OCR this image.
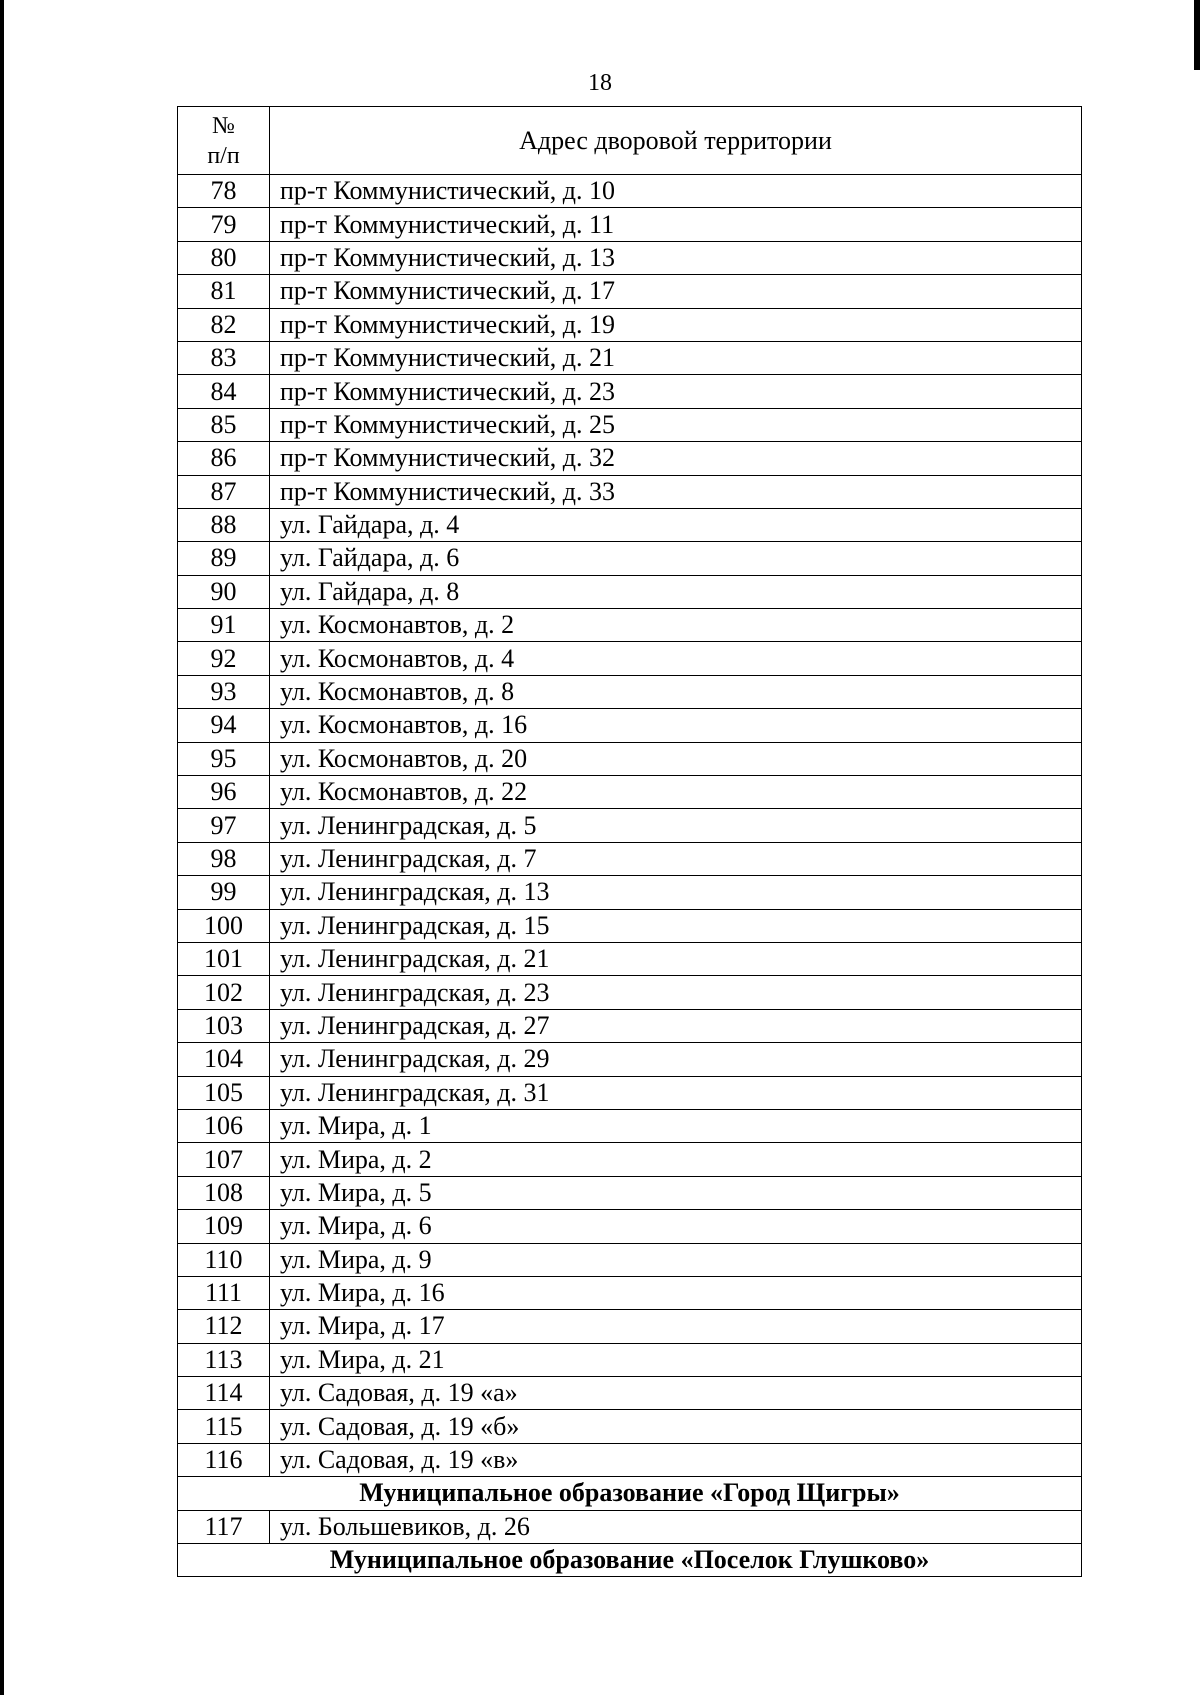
18
№
п/п	Адрес дворовой территории
78	пр-т Коммунистический, д. 10
79	пр-т Коммунистический, д. 11
80	пр-т Коммунистический, д. 13
81	пр-т Коммунистический, д. 17
82	пр-т Коммунистический, д. 19
83	пр-т Коммунистический, д. 21
84	пр-т Коммунистический, д. 23
85	пр-т Коммунистический, д. 25
86	пр-т Коммунистический, д. 32
87	пр-т Коммунистический, д. 33
88	ул. Гайдара, д. 4
89	ул. Гайдара, д. 6
90	ул. Гайдара, д. 8
91	ул. Космонавтов, д. 2
92	ул. Космонавтов, д. 4
93	ул. Космонавтов, д. 8
94	ул. Космонавтов, д. 16
95	ул. Космонавтов, д. 20
96	ул. Космонавтов, д. 22
97	ул. Ленинградская, д. 5
98	ул. Ленинградская, д. 7
99	ул. Ленинградская, д. 13
100	ул. Ленинградская, д. 15
101	ул. Ленинградская, д. 21
102	ул. Ленинградская, д. 23
103	ул. Ленинградская, д. 27
104	ул. Ленинградская, д. 29
105	ул. Ленинградская, д. 31
106	ул. Мира, д. 1
107	ул. Мира, д. 2
108	ул. Мира, д. 5
109	ул. Мира, д. 6
110	ул. Мира, д. 9
111	ул. Мира, д. 16
112	ул. Мира, д. 17
113	ул. Мира, д. 21
114	ул. Садовая, д. 19 «а»
115	ул. Садовая, д. 19 «б»
116	ул. Садовая, д. 19 «в»
Муниципальное образование «Город Щигры»	
117	ул. Большевиков, д. 26
Муниципальное образование «Поселок Глушково»	
